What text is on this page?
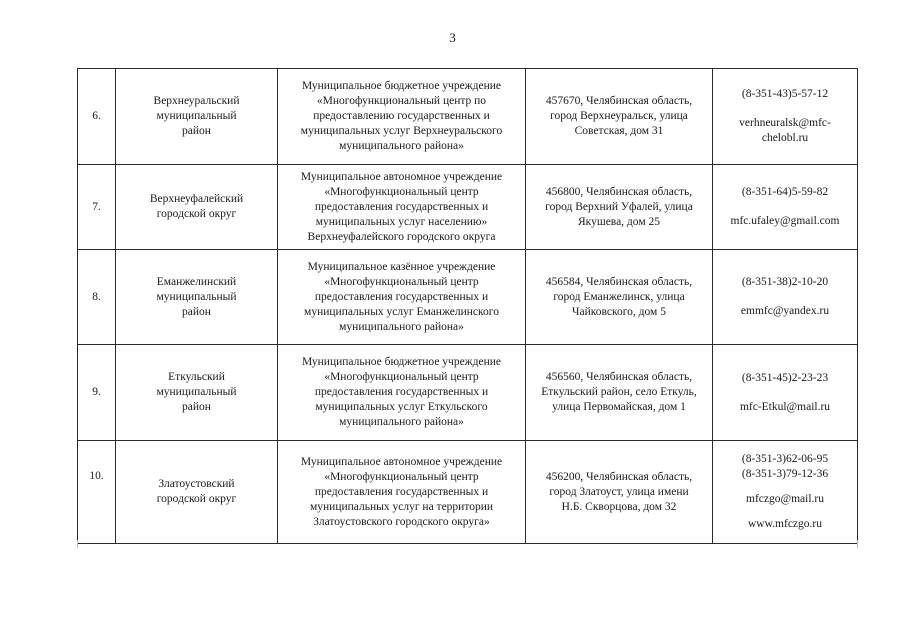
3
6.	Верхнеуральский
муниципальный
район	Муниципальное бюджетное учреждение
«Многофункциональный центр по
предоставлению государственных и
муниципальных услуг Верхнеуральского
муниципального района»	457670, Челябинская область,
город Верхнеуральск, улица
Советская, дом 31	(8-351-43)5-57-12
verhneuralsk@mfc-
chelobl.ru

7.	Верхнеуфалейский
городской округ	Муниципальное автономное учреждение
«Многофункциональный центр
предоставления государственных и
муниципальных услуг населению»
Верхнеуфалейского городского округа	456800, Челябинская область,
город Верхний Уфалей, улица
Якушева, дом 25	(8-351-64)5-59-82
mfc.ufaley@gmail.com

8.	Еманжелинский
муниципальный
район	Муниципальное казённое учреждение
«Многофункциональный центр
предоставления государственных и
муниципальных услуг Еманжелинского
муниципального района»	456584, Челябинская область,
город Еманжелинск, улица
Чайковского, дом 5	(8-351-38)2-10-20
emmfc@yandex.ru

9.	Еткульский
муниципальный
район	Муниципальное бюджетное учреждение
«Многофункциональный центр
предоставления государственных и
муниципальных услуг Еткульского
муниципального района»	456560, Челябинская область,
Еткульский район, село Еткуль,
улица Первомайская, дом 1	(8-351-45)2-23-23
mfc-Etkul@mail.ru

10.	Златоустовский
городской округ	Муниципальное автономное учреждение
«Многофункциональный центр
предоставления государственных и
муниципальных услуг на территории
Златоустовского городского округа»	456200, Челябинская область,
город Златоуст, улица имени
Н.Б. Скворцова, дом 32	(8-351-3)62-06-95
(8-351-3)79-12-36
mfczgo@mail.ru
www.mfczgo.ru
